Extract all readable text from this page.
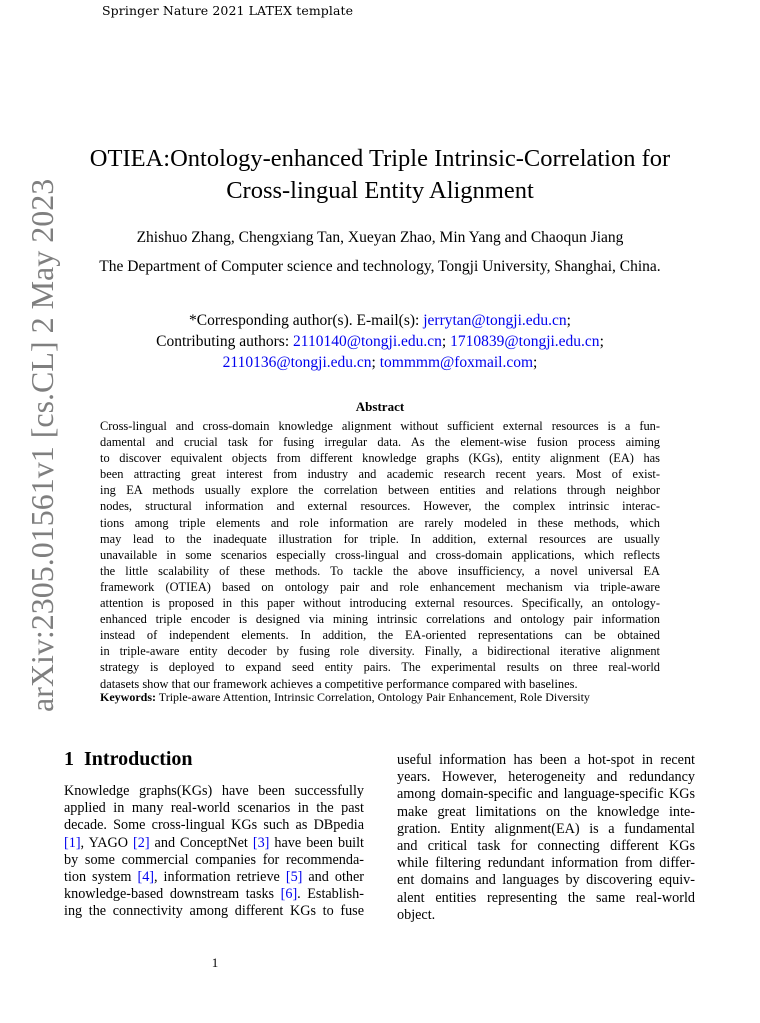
Springer Nature 2021 LATEX template
arXiv:2305.01561v1 [cs.CL] 2 May 2023
OTIEA:Ontology-enhanced Triple Intrinsic-Correlation for
Cross-lingual Entity Alignment
Zhishuo Zhang, Chengxiang Tan, Xueyan Zhao, Min Yang and Chaoqun Jiang
The Department of Computer science and technology, Tongji University, Shanghai, China.
*Corresponding author(s). E-mail(s): jerrytan@tongji.edu.cn;
Contributing authors: 2110140@tongji.edu.cn; 1710839@tongji.edu.cn;
2110136@tongji.edu.cn; tommmm@foxmail.com;
Abstract
Cross-lingual and cross-domain knowledge alignment without sufficient external resources is a fun-
damental and crucial task for fusing irregular data. As the element-wise fusion process aiming
to discover equivalent objects from different knowledge graphs (KGs), entity alignment (EA) has
been attracting great interest from industry and academic research recent years. Most of exist-
ing EA methods usually explore the correlation between entities and relations through neighbor
nodes, structural information and external resources. However, the complex intrinsic interac-
tions among triple elements and role information are rarely modeled in these methods, which
may lead to the inadequate illustration for triple. In addition, external resources are usually
unavailable in some scenarios especially cross-lingual and cross-domain applications, which reflects
the little scalability of these methods. To tackle the above insufficiency, a novel universal EA
framework (OTIEA) based on ontology pair and role enhancement mechanism via triple-aware
attention is proposed in this paper without introducing external resources. Specifically, an ontology-
enhanced triple encoder is designed via mining intrinsic correlations and ontology pair information
instead of independent elements. In addition, the EA-oriented representations can be obtained
in triple-aware entity decoder by fusing role diversity. Finally, a bidirectional iterative alignment
strategy is deployed to expand seed entity pairs. The experimental results on three real-world
datasets show that our framework achieves a competitive performance compared with baselines.
Keywords: Triple-aware Attention, Intrinsic Correlation, Ontology Pair Enhancement, Role Diversity
1 Introduction
Knowledge graphs(KGs) have been successfully
applied in many real-world scenarios in the past
decade. Some cross-lingual KGs such as DBpedia
[1], YAGO [2] and ConceptNet [3] have been built
by some commercial companies for recommenda-
tion system [4], information retrieve [5] and other
knowledge-based downstream tasks [6]. Establish-
ing the connectivity among different KGs to fuse
useful information has been a hot-spot in recent
years. However, heterogeneity and redundancy
among domain-specific and language-specific KGs
make great limitations on the knowledge inte-
gration. Entity alignment(EA) is a fundamental
and critical task for connecting different KGs
while filtering redundant information from differ-
ent domains and languages by discovering equiv-
alent entities representing the same real-world
object.
1
